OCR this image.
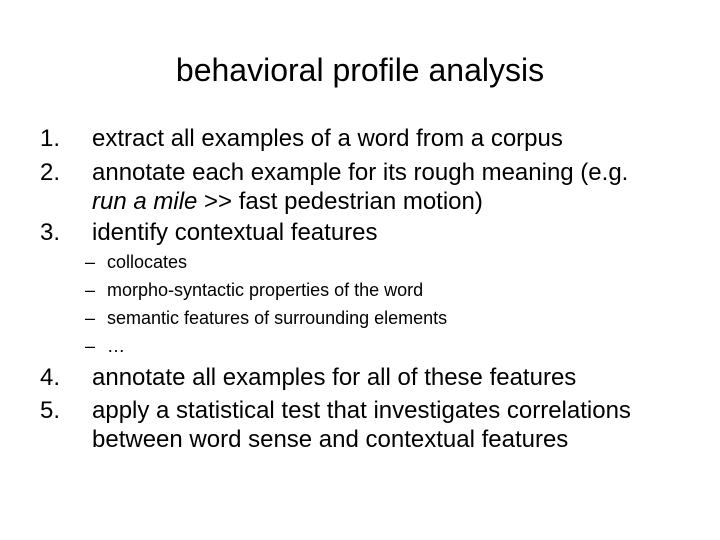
behavioral profile analysis
1.	extract all examples of a word from a corpus
2.	annotate each example for its rough meaning (e.g.
run a mile >> fast pedestrian motion)
3.	identify contextual features
– collocates
– morpho-syntactic properties of the word
– semantic features of surrounding elements
– …
4.	annotate all examples for all of these features
5.	apply a statistical test that investigates correlations between word sense and contextual features
